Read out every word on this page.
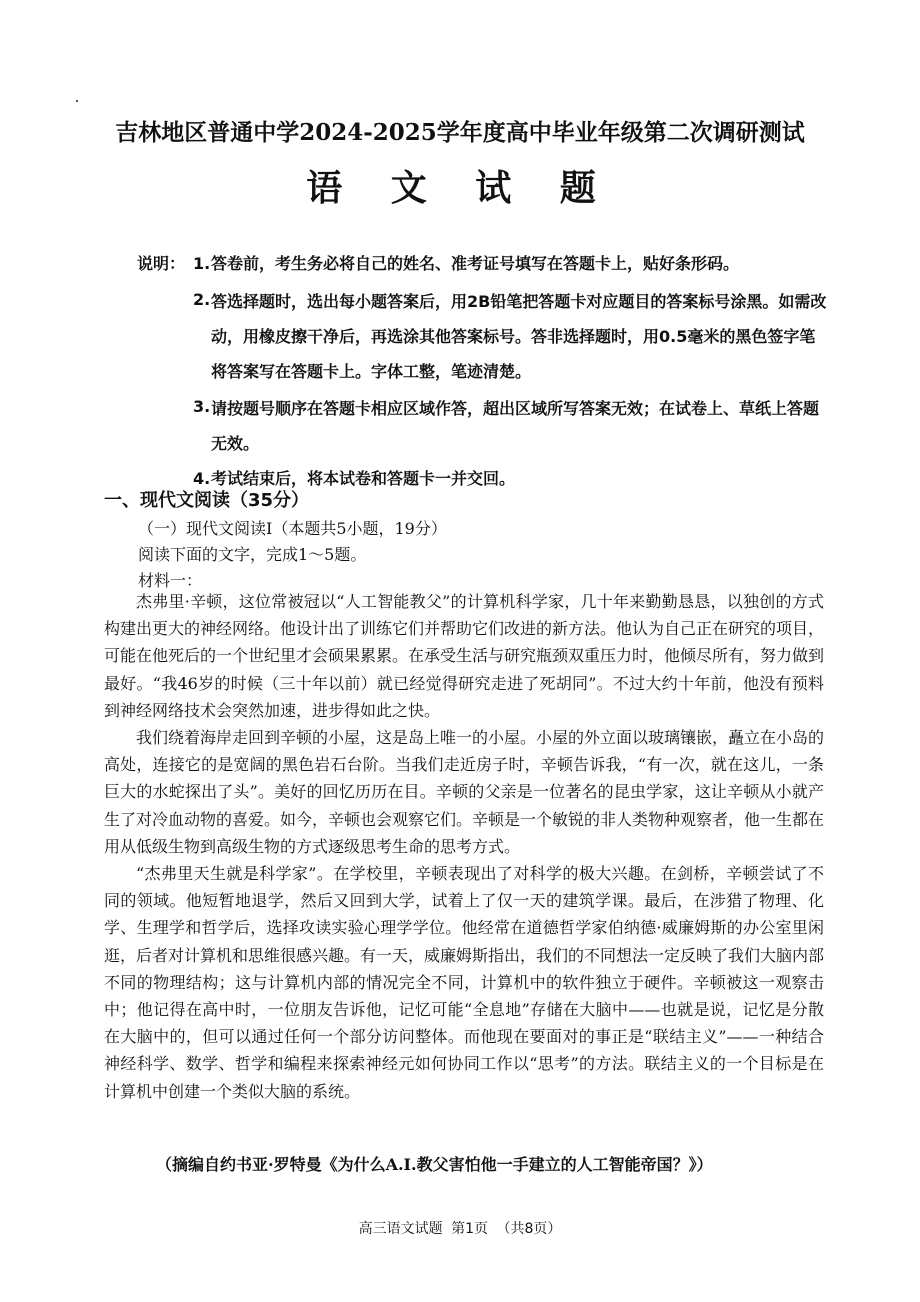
吉林地区普通中学2024-2025学年度高中毕业年级第二次调研测试
语 文 试 题
说明： 1. 答卷前，考生务必将自己的姓名、准考证号填写在答题卡上，贴好条形码。
2. 答选择题时，选出每小题答案后，用2B铅笔把答题卡对应题目的答案标号涂黑。如需改动，用橡皮擦干净后，再选涂其他答案标号。答非选择题时，用0.5毫米的黑色签字笔将答案写在答题卡上。字体工整，笔迹清楚。
3. 请按题号顺序在答题卡相应区域作答，超出区域所写答案无效；在试卷上、草纸上答题无效。
4. 考试结束后，将本试卷和答题卡一并交回。
一、现代文阅读（35分）
（一）现代文阅读Ⅰ（本题共5小题，19分）
阅读下面的文字，完成1～5题。
材料一：

杰弗里·辛顿，这位常被冠以“人工智能教父”的计算机科学家，几十年来勤勤恳恳，以独创的方式构建出更大的神经网络。他设计出了训练它们并帮助它们改进的新方法。他认为自己正在研究的项目，可能在他死后的一个世纪里才会硕果累累。在承受生活与研究瓶颈双重压力时，他倾尽所有，努力做到最好。“我46岁的时候（三十年以前）就已经觉得研究走进了死胡同”。不过大约十年前，他没有预料到神经网络技术会突然加速，进步得如此之快。

我们绕着海岸走回到辛顿的小屋，这是岛上唯一的小屋。小屋的外立面以玻璃镶嵌，矗立在小岛的高处，连接它的是宽阔的黑色岩石台阶。当我们走近房子时，辛顿告诉我，“有一次，就在这儿，一条巨大的水蛇探出了头”。美好的回忆历历在目。辛顿的父亲是一位著名的昆虫学家，这让辛顿从小就产生了对冷血动物的喜爱。如今，辛顿也会观察它们。辛顿是一个敏锐的非人类物种观察者，他一生都在用从低级生物到高级生物的方式逐级思考生命的思考方式。

“杰弗里天生就是科学家”。在学校里，辛顿表现出了对科学的极大兴趣。在剑桥，辛顿尝试了不同的领域。他短暂地退学，然后又回到大学，试着上了仅一天的建筑学课。最后，在涉猎了物理、化学、生理学和哲学后，选择攻读实验心理学学位。他经常在道德哲学家伯纳德·威廉姆斯的办公室里闲逛，后者对计算机和思维很感兴趣。有一天，威廉姆斯指出，我们的不同想法一定反映了我们大脑内部不同的物理结构；这与计算机内部的情况完全不同，计算机中的软件独立于硬件。辛顿被这一观察击中；他记得在高中时，一位朋友告诉他，记忆可能“全息地”存储在大脑中——也就是说，记忆是分散在大脑中的，但可以通过任何一个部分访问整体。而他现在要面对的事正是“联结主义”——一种结合神经科学、数学、哲学和编程来探索神经元如何协同工作以“思考”的方法。联结主义的一个目标是在计算机中创建一个类似大脑的系统。

（摘编自约书亚·罗特曼《为什么A.I.教父害怕他一手建立的人工智能帝国？》）
高三语文试题 第1页 （共8页）
